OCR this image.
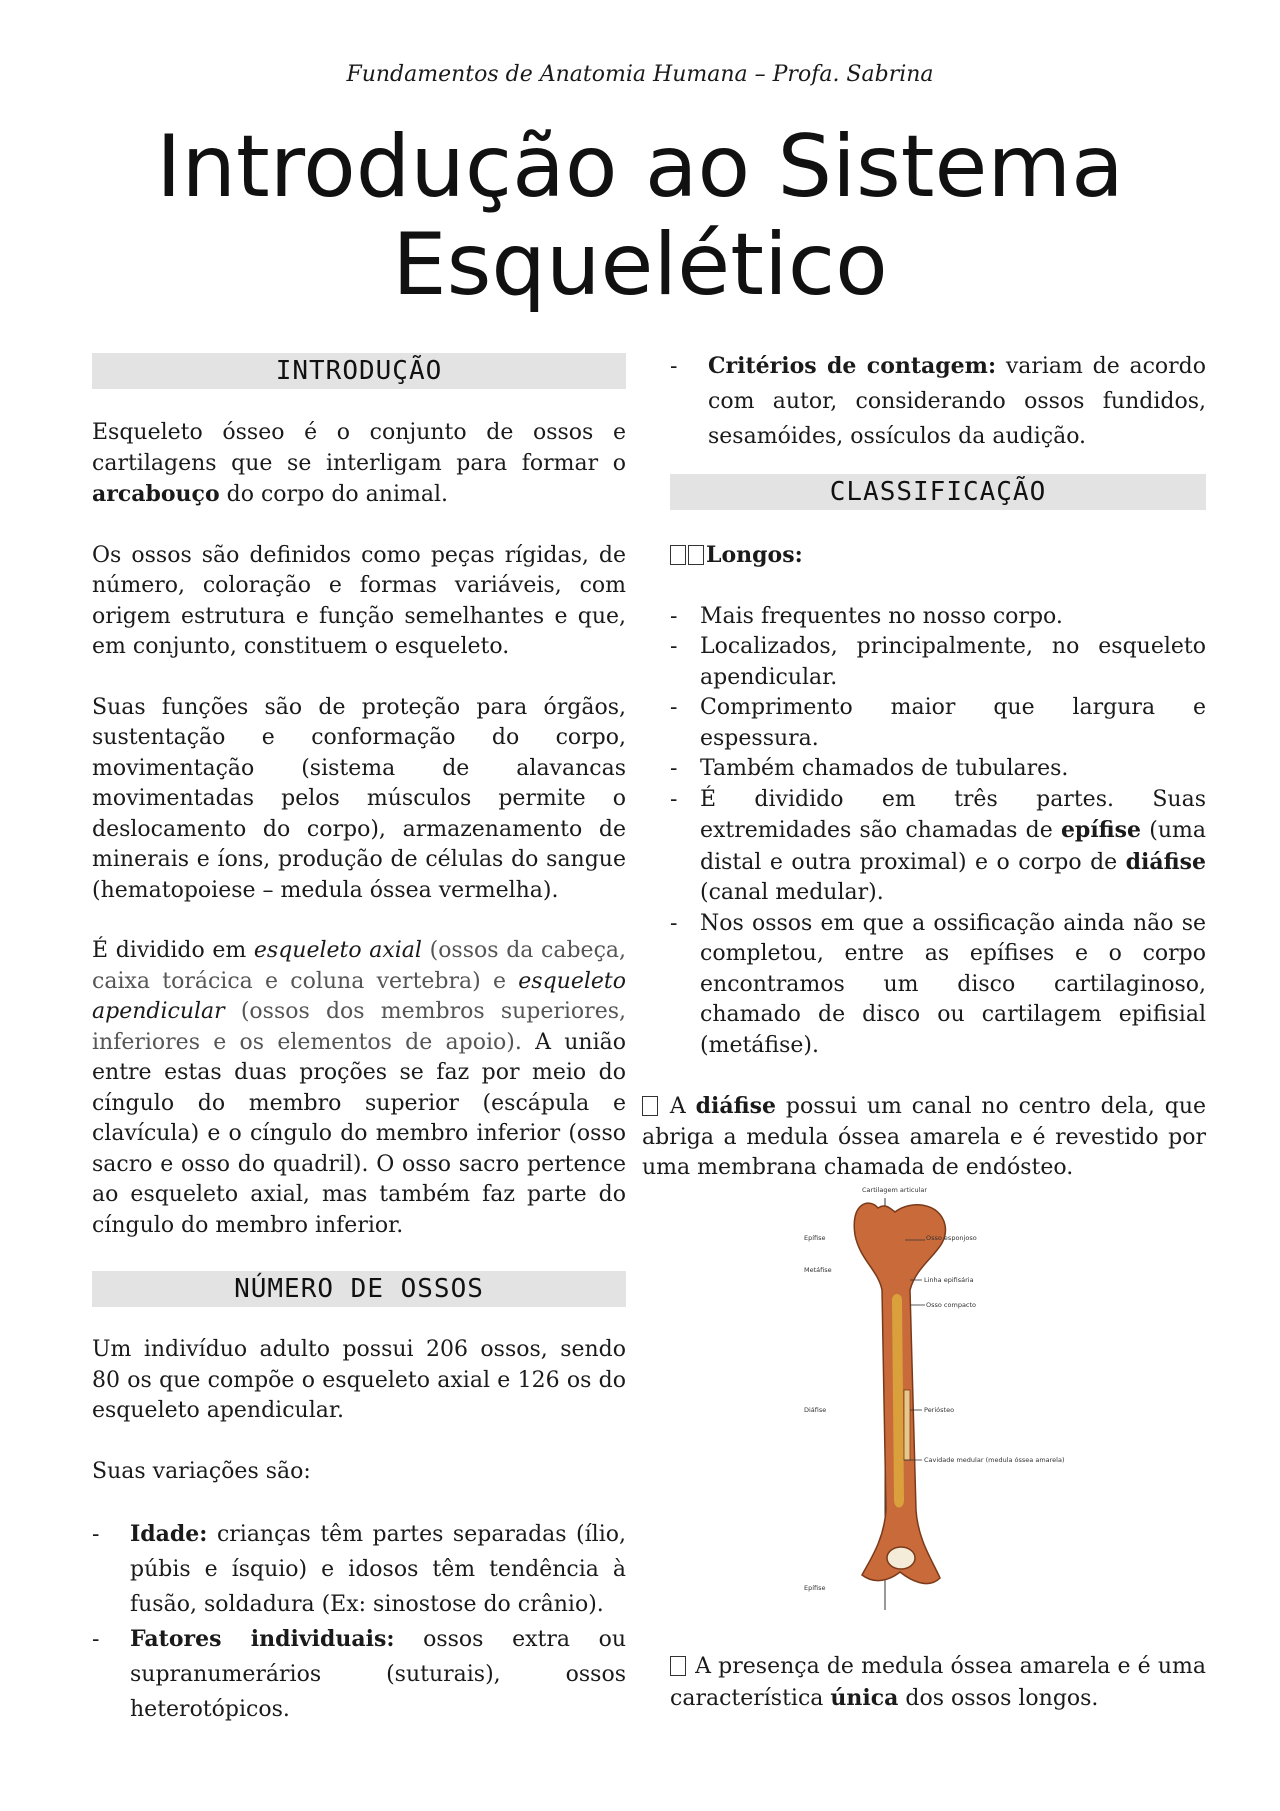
Fundamentos de Anatomia Humana – Profa. Sabrina
Introdução ao Sistema Esquelético
INTRODUÇÃO

Esqueleto ósseo é o conjunto de ossos e cartilagens que se interligam para formar o arcabouço do corpo do animal.

Os ossos são definidos como peças rígidas, de número, coloração e formas variáveis, com origem estrutura e função semelhantes e que, em conjunto, constituem o esqueleto.

Suas funções são de proteção para órgãos, sustentação e conformação do corpo, movimentação (sistema de alavancas movimentadas pelos músculos permite o deslocamento do corpo), armazenamento de minerais e íons, produção de células do sangue (hematopoiese – medula óssea vermelha).

É dividido em esqueleto axial (ossos da cabeça, caixa torácica e coluna vertebra) e esqueleto apendicular (ossos dos membros superiores, inferiores e os elementos de apoio). A união entre estas duas proções se faz por meio do cíngulo do membro superior (escápula e clavícula) e o cíngulo do membro inferior (osso sacro e osso do quadril). O osso sacro pertence ao esqueleto axial, mas também faz parte do cíngulo do membro inferior.

NÚMERO DE OSSOS

Um indivíduo adulto possui 206 ossos, sendo 80 os que compõe o esqueleto axial e 126 os do esqueleto apendicular.

Suas variações são:

- Idade: crianças têm partes separadas (ílio, púbis e ísquio) e idosos têm tendência à fusão, soldadura (Ex: sinostose do crânio).
- Fatores individuais: ossos extra ou supranumerários (suturais), ossos heterotópicos.
- Critérios de contagem: variam de acordo com autor, considerando ossos fundidos, sesamóides, ossículos da audição.
CLASSIFICAÇÃO

Longos:

- Mais frequentes no nosso corpo.
- Localizados, principalmente, no esqueleto apendicular.
- Comprimento maior que largura e espessura.
- Também chamados de tubulares.
- É dividido em três partes. Suas extremidades são chamadas de epífise (uma distal e outra proximal) e o corpo de diáfise (canal medular).
- Nos ossos em que a ossificação ainda não se completou, entre as epífises e o corpo encontramos um disco cartilaginoso, chamado de disco ou cartilagem epifisial (metáfise).

A diáfise possui um canal no centro dela, que abriga a medula óssea amarela e é revestido por uma membrana chamada de endósteo.

Cartilagem articular
Osso esponjoso
Epífise
Metáfise
Linha epifisária
Osso compacto
Diáfise	Periósteo
Cavidade medular (medula óssea amarela)
Epífise

A presença de medula óssea amarela e é uma característica única dos ossos longos.
